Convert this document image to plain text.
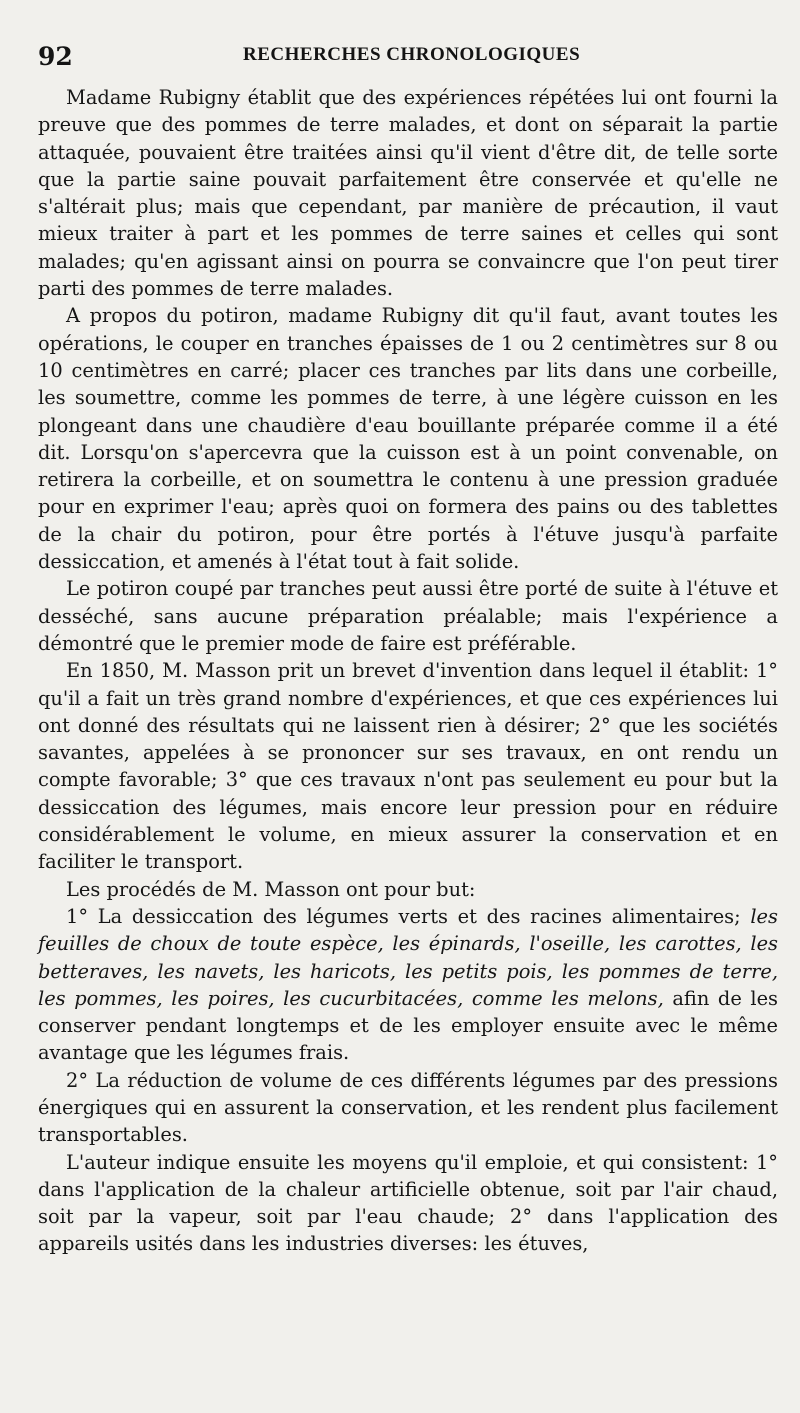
92	RECHERCHES CHRONOLOGIQUES

Madame Rubigny établit que des expériences répétées lui ont fourni la preuve que des pommes de terre malades, et dont on séparait la partie attaquée, pouvaient être traitées ainsi qu'il vient d'être dit, de telle sorte que la partie saine pouvait parfaitement être conservée et qu'elle ne s'altérait plus; mais que cependant, par manière de précaution, il vaut mieux traiter à part et les pommes de terre saines et celles qui sont malades; qu'en agissant ainsi on pourra se convaincre que l'on peut tirer parti des pommes de terre malades.

A propos du potiron, madame Rubigny dit qu'il faut, avant toutes les opérations, le couper en tranches épaisses de 1 ou 2 centimètres sur 8 ou 10 centimètres en carré; placer ces tranches par lits dans une corbeille, les soumettre, comme les pommes de terre, à une légère cuisson en les plongeant dans une chaudière d'eau bouillante préparée comme il a été dit. Lorsqu'on s'apercevra que la cuisson est à un point convenable, on retirera la corbeille, et on soumettra le contenu à une pression graduée pour en exprimer l'eau; après quoi on formera des pains ou des tablettes de la chair du potiron, pour être portés à l'étuve jusqu'à parfaite dessiccation, et amenés à l'état tout à fait solide.

Le potiron coupé par tranches peut aussi être porté de suite à l'étuve et desséché, sans aucune préparation préalable; mais l'expérience a démontré que le premier mode de faire est préférable.

En 1850, M. Masson prit un brevet d'invention dans lequel il établit: 1° qu'il a fait un très grand nombre d'expériences, et que ces expériences lui ont donné des résultats qui ne laissent rien à désirer; 2° que les sociétés savantes, appelées à se prononcer sur ses travaux, en ont rendu un compte favorable; 3° que ces travaux n'ont pas seulement eu pour but la dessiccation des légumes, mais encore leur pression pour en réduire considérablement le volume, en mieux assurer la conservation et en faciliter le transport.

Les procédés de M. Masson ont pour but:

1° La dessiccation des légumes verts et des racines alimentaires; les feuilles de choux de toute espèce, les épinards, l'oseille, les carottes, les betteraves, les navets, les haricots, les petits pois, les pommes de terre, les pommes, les poires, les cucurbitacées, comme les melons, afin de les conserver pendant longtemps et de les employer ensuite avec le même avantage que les légumes frais.

2° La réduction de volume de ces différents légumes par des pressions énergiques qui en assurent la conservation, et les rendent plus facilement transportables.

L'auteur indique ensuite les moyens qu'il emploie, et qui consistent: 1° dans l'application de la chaleur artificielle obtenue, soit par l'air chaud, soit par la vapeur, soit par l'eau chaude; 2° dans l'application des appareils usités dans les industries diverses: les étuves,
